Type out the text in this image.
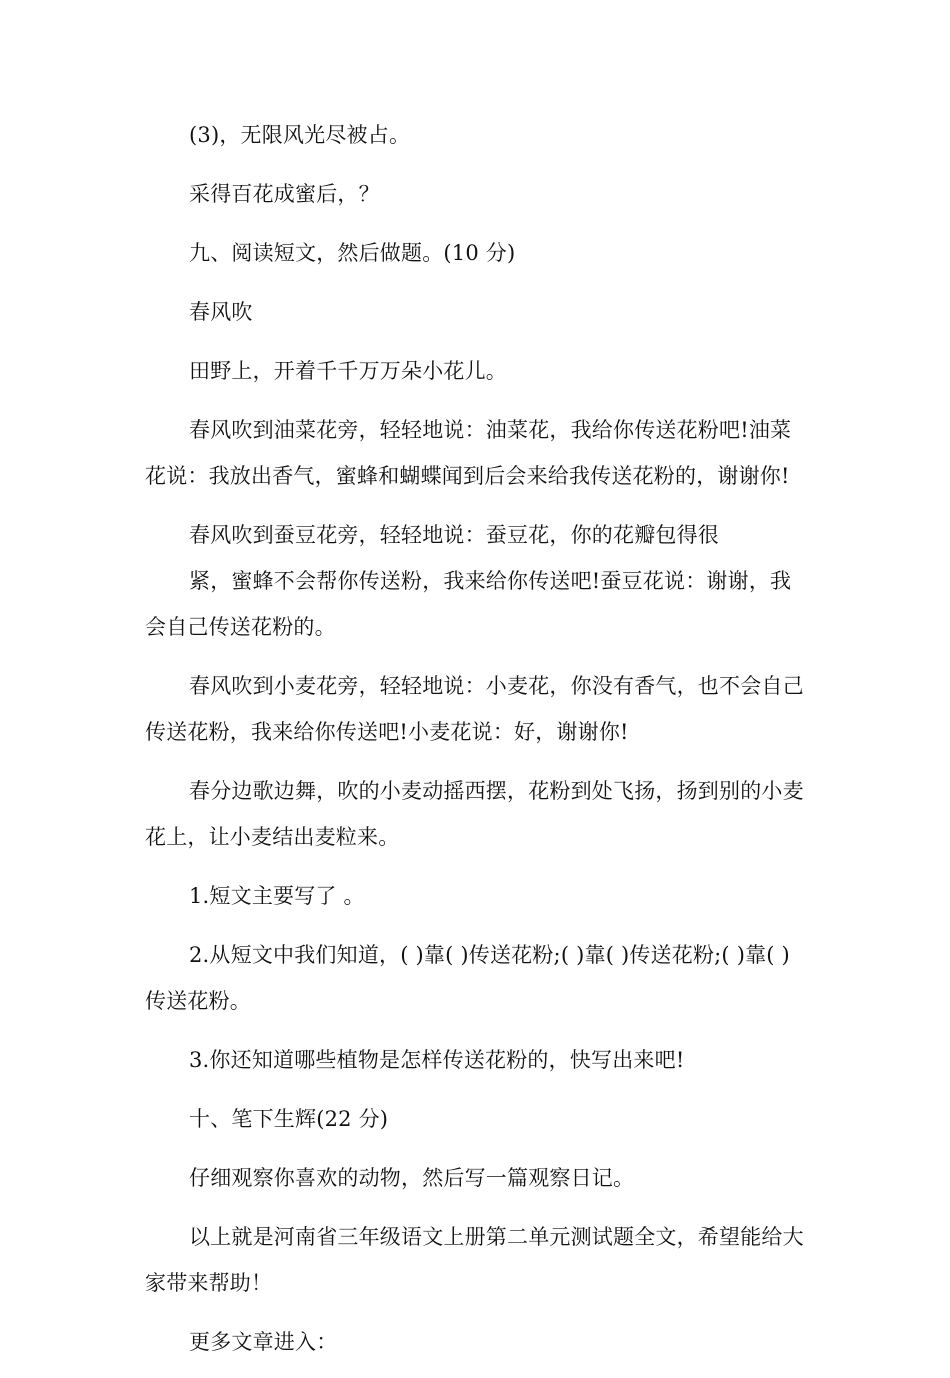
(3)，无限风光尽被占。

采得百花成蜜后，？

九、阅读短文，然后做题。(10 分)

春风吹

田野上，开着千千万万朵小花儿。

春风吹到油菜花旁，轻轻地说：油菜花，我给你传送花粉吧!油菜花说：我放出香气，蜜蜂和蝴蝶闻到后会来给我传送花粉的，谢谢你!

春风吹到蚕豆花旁，轻轻地说：蚕豆花，你的花瓣包得很

紧，蜜蜂不会帮你传送粉，我来给你传送吧!蚕豆花说：谢谢，我会自己传送花粉的。

春风吹到小麦花旁，轻轻地说：小麦花，你没有香气，也不会自己传送花粉，我来给你传送吧!小麦花说：好，谢谢你!

春分边歌边舞，吹的小麦动摇西摆，花粉到处飞扬，扬到别的小麦花上，让小麦结出麦粒来。

1.短文主要写了 。

2.从短文中我们知道，( )靠( )传送花粉;( )靠( )传送花粉;( )靠( )传送花粉。

3.你还知道哪些植物是怎样传送花粉的，快写出来吧!

十、笔下生辉(22 分)

仔细观察你喜欢的动物，然后写一篇观察日记。

以上就是河南省三年级语文上册第二单元测试题全文，希望能给大家带来帮助！

更多文章进入：
